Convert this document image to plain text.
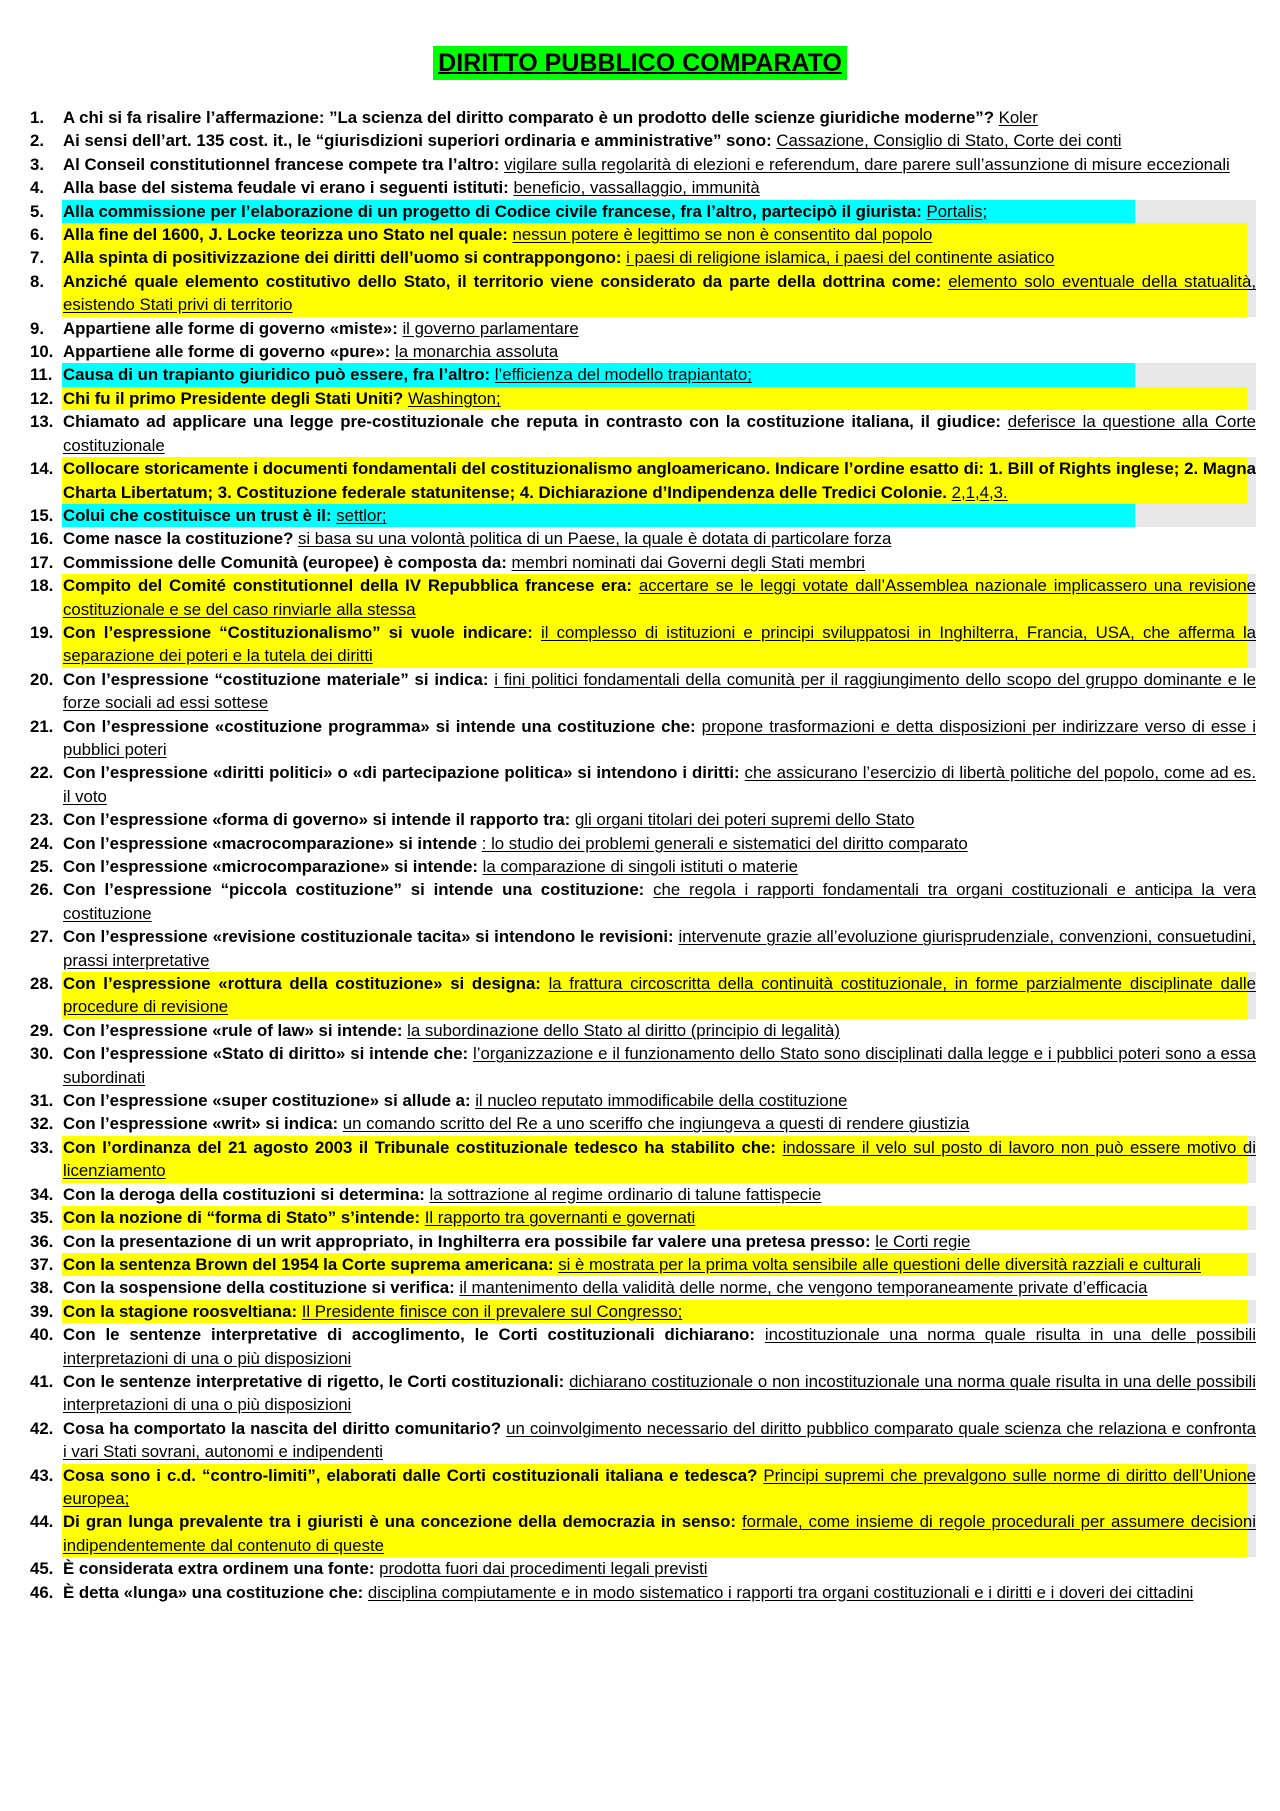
DIRITTO PUBBLICO COMPARATO
1. A chi si fa risalire l’affermazione: ”La scienza del diritto comparato è un prodotto delle scienze giuridiche moderne”? Koler
2. Ai sensi dell’art. 135 cost. it., le “giurisdizioni superiori ordinaria e amministrative” sono: Cassazione, Consiglio di Stato, Corte dei conti
3. Al Conseil constitutionnel francese compete tra l’altro: vigilare sulla regolarità di elezioni e referendum, dare parere sull’assunzione di misure eccezionali
4. Alla base del sistema feudale vi erano i seguenti istituti: beneficio, vassallaggio, immunità
5. Alla commissione per l’elaborazione di un progetto di Codice civile francese, fra l’altro, partecipò il giurista: Portalis;
6. Alla fine del 1600, J. Locke teorizza uno Stato nel quale: nessun potere è legittimo se non è consentito dal popolo
7. Alla spinta di positivizzazione dei diritti dell’uomo si contrappongono: i paesi di religione islamica, i paesi del continente asiatico
8. Anziché quale elemento costitutivo dello Stato, il territorio viene considerato da parte della dottrina come: elemento solo eventuale della statualità, esistendo Stati privi di territorio
9. Appartiene alle forme di governo «miste»: il governo parlamentare
10. Appartiene alle forme di governo «pure»: la monarchia assoluta
11. Causa di un trapianto giuridico può essere, fra l’altro: l’efficienza del modello trapiantato;
12. Chi fu il primo Presidente degli Stati Uniti? Washington;
13. Chiamato ad applicare una legge pre-costituzionale che reputa in contrasto con la costituzione italiana, il giudice: deferisce la questione alla Corte costituzionale
14. Collocare storicamente i documenti fondamentali del costituzionalismo angloamericano. Indicare l’ordine esatto di: 1. Bill of Rights inglese; 2. Magna Charta Libertatum; 3. Costituzione federale statunitense; 4. Dichiarazione d’Indipendenza delle Tredici Colonie. 2,1,4,3.
15. Colui che costituisce un trust è il: settlor;
16. Come nasce la costituzione? si basa su una volontà politica di un Paese, la quale è dotata di particolare forza
17. Commissione delle Comunità (europee) è composta da: membri nominati dai Governi degli Stati membri
18. Compito del Comité constitutionnel della IV Repubblica francese era: accertare se le leggi votate dall’Assemblea nazionale implicassero una revisione costituzionale e se del caso rinviarle alla stessa
19. Con l’espressione “Costituzionalismo” si vuole indicare: il complesso di istituzioni e principi sviluppatosi in Inghilterra, Francia, USA, che afferma la separazione dei poteri e la tutela dei diritti
20. Con l’espressione “costituzione materiale” si indica: i fini politici fondamentali della comunità per il raggiungimento dello scopo del gruppo dominante e le forze sociali ad essi sottese
21. Con l’espressione «costituzione programma» si intende una costituzione che: propone trasformazioni e detta disposizioni per indirizzare verso di esse i pubblici poteri
22. Con l’espressione «diritti politici» o «di partecipazione politica» si intendono i diritti: che assicurano l’esercizio di libertà politiche del popolo, come ad es. il voto
23. Con l’espressione «forma di governo» si intende il rapporto tra: gli organi titolari dei poteri supremi dello Stato
24. Con l’espressione «macrocomparazione» si intende : lo studio dei problemi generali e sistematici del diritto comparato
25. Con l’espressione «microcomparazione» si intende: la comparazione di singoli istituti o materie
26. Con l’espressione “piccola costituzione” si intende una costituzione: che regola i rapporti fondamentali tra organi costituzionali e anticipa la vera costituzione
27. Con l’espressione «revisione costituzionale tacita» si intendono le revisioni: intervenute grazie all’evoluzione giurisprudenziale, convenzioni, consuetudini, prassi interpretative
28. Con l’espressione «rottura della costituzione» si designa: la frattura circoscritta della continuità costituzionale, in forme parzialmente disciplinate dalle procedure di revisione
29. Con l’espressione «rule of law» si intende: la subordinazione dello Stato al diritto (principio di legalità)
30. Con l’espressione «Stato di diritto» si intende che: l’organizzazione e il funzionamento dello Stato sono disciplinati dalla legge e i pubblici poteri sono a essa subordinati
31. Con l’espressione «super costituzione» si allude a: il nucleo reputato immodificabile della costituzione
32. Con l’espressione «writ» si indica: un comando scritto del Re a uno sceriffo che ingiungeva a questi di rendere giustizia
33. Con l’ordinanza del 21 agosto 2003 il Tribunale costituzionale tedesco ha stabilito che: indossare il velo sul posto di lavoro non può essere motivo di licenziamento
34. Con la deroga della costituzioni si determina: la sottrazione al regime ordinario di talune fattispecie
35. Con la nozione di “forma di Stato” s’intende: Il rapporto tra governanti e governati
36. Con la presentazione di un writ appropriato, in Inghilterra era possibile far valere una pretesa presso: le Corti regie
37. Con la sentenza Brown del 1954 la Corte suprema americana: si è mostrata per la prima volta sensibile alle questioni delle diversità razziali e culturali
38. Con la sospensione della costituzione si verifica: il mantenimento della validità delle norme, che vengono temporaneamente private d’efficacia
39. Con la stagione roosveltiana: Il Presidente finisce con il prevalere sul Congresso;
40. Con le sentenze interpretative di accoglimento, le Corti costituzionali dichiarano: incostituzionale una norma quale risulta in una delle possibili interpretazioni di una o più disposizioni
41. Con le sentenze interpretative di rigetto, le Corti costituzionali: dichiarano costituzionale o non incostituzionale una norma quale risulta in una delle possibili interpretazioni di una o più disposizioni
42. Cosa ha comportato la nascita del diritto comunitario? un coinvolgimento necessario del diritto pubblico comparato quale scienza che relaziona e confronta i vari Stati sovrani, autonomi e indipendenti
43. Cosa sono i c.d. “contro-limiti”, elaborati dalle Corti costituzionali italiana e tedesca? Principi supremi che prevalgono sulle norme di diritto dell’Unione europea;
44. Di gran lunga prevalente tra i giuristi è una concezione della democrazia in senso: formale, come insieme di regole procedurali per assumere decisioni indipendentemente dal contenuto di queste
45. È considerata extra ordinem una fonte: prodotta fuori dai procedimenti legali previsti
46. È detta «lunga» una costituzione che: disciplina compiutamente e in modo sistematico i rapporti tra organi costituzionali e i diritti e i doveri dei cittadini
